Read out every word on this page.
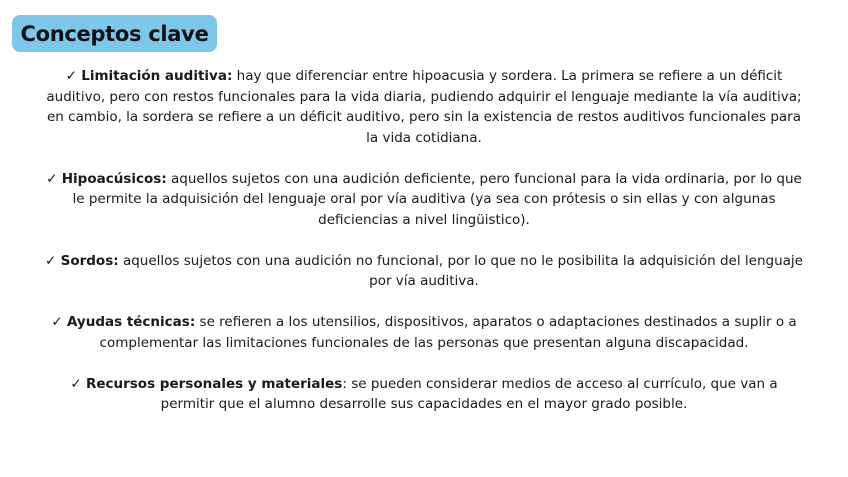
Conceptos clave

✓ Limitación auditiva: hay que diferenciar entre hipoacusia y sordera. La primera se refiere a un déficit auditivo, pero con restos funcionales para la vida diaria, pudiendo adquirir el lenguaje mediante la vía auditiva; en cambio, la sordera se refiere a un déficit auditivo, pero sin la existencia de restos auditivos funcionales para la vida cotidiana.

✓ Hipoacúsicos: aquellos sujetos con una audición deficiente, pero funcional para la vida ordinaria, por lo que le permite la adquisición del lenguaje oral por vía auditiva (ya sea con prótesis o sin ellas y con algunas deficiencias a nivel lingüistico).

✓ Sordos: aquellos sujetos con una audición no funcional, por lo que no le posibilita la adquisición del lenguaje por vía auditiva.

✓ Ayudas técnicas: se refieren a los utensilios, dispositivos, aparatos o adaptaciones destinados a suplir o a complementar las limitaciones funcionales de las personas que presentan alguna discapacidad.

✓ Recursos personales y materiales: se pueden considerar medios de acceso al currículo, que van a permitir que el alumno desarrolle sus capacidades en el mayor grado posible.
